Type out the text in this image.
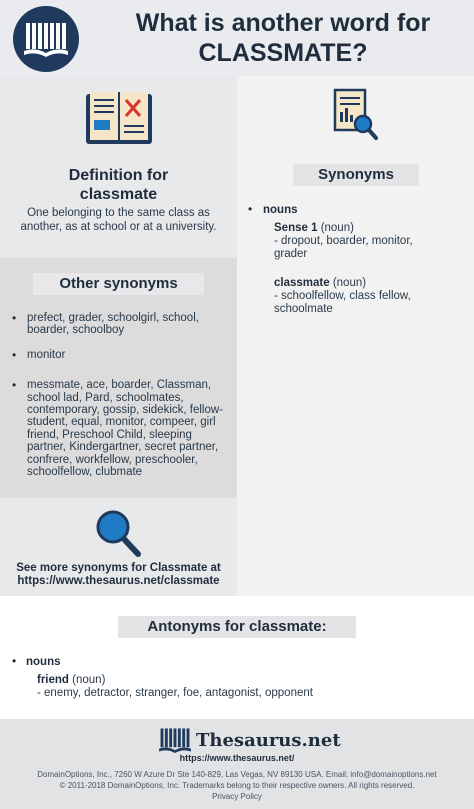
What is another word for
CLASSMATE?
Definition for
classmate
One belonging to the same class as another, as at school or at a university.
Other synonyms
• prefect, grader, schoolgirl, school, boarder, schoolboy
• monitor
• messmate, ace, boarder, Classman, school lad, Pard, schoolmates, contemporary, gossip, sidekick, fellow-student, equal, monitor, compeer, girl friend, Preschool Child, sleeping partner, Kindergartner, secret partner, confrere, workfellow, preschooler, schoolfellow, clubmate
See more synonyms for Classmate at
https://www.thesaurus.net/classmate
Synonyms
• nouns
Sense 1 (noun)
- dropout, boarder, monitor, grader
classmate (noun)
- schoolfellow, class fellow, schoolmate
Antonyms for classmate:
• nouns
friend (noun)
- enemy, detractor, stranger, foe, antagonist, opponent
Thesaurus.net
https://www.thesaurus.net/
DomainOptions, Inc., 7260 W Azure Dr Ste 140-829, Las Vegas, NV 89130 USA. Email: info@domainoptions.net
© 2011-2018 DomainOptions, Inc. Trademarks belong to their respective owners. All rights reserved.
Privacy Policy
